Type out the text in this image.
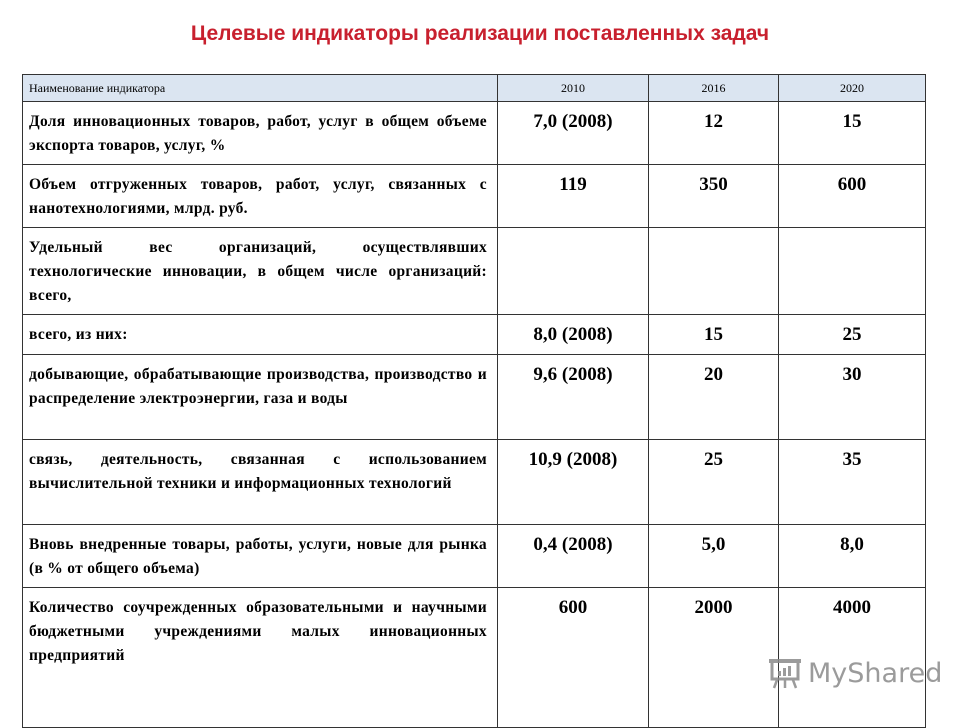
Целевые индикаторы реализации поставленных задач
Наименование индикатора	2010	2016	2020
Доля инновационных товаров, работ, услуг в общем объеме экспорта товаров, услуг, %	7,0 (2008)	12	15
Объем отгруженных товаров, работ, услуг, связанных с нанотехнологиями, млрд. руб.	119	350	600
Удельный вес организаций, осуществлявших технологические инновации, в общем числе организаций: всего,			
всего, из них:	8,0 (2008)	15	25
добывающие, обрабатывающие производства, производство и распределение электроэнергии, газа и воды	9,6 (2008)	20	30
связь, деятельность, связанная с использованием вычислительной техники и информационных технологий	10,9 (2008)	25	35
Вновь внедренные товары, работы, услуги, новые для рынка (в % от общего объема)	0,4 (2008)	5,0	8,0
Количество соучрежденных образовательными и научными бюджетными учреждениями малых инновационных предприятий	600	2000	4000
MyShared
